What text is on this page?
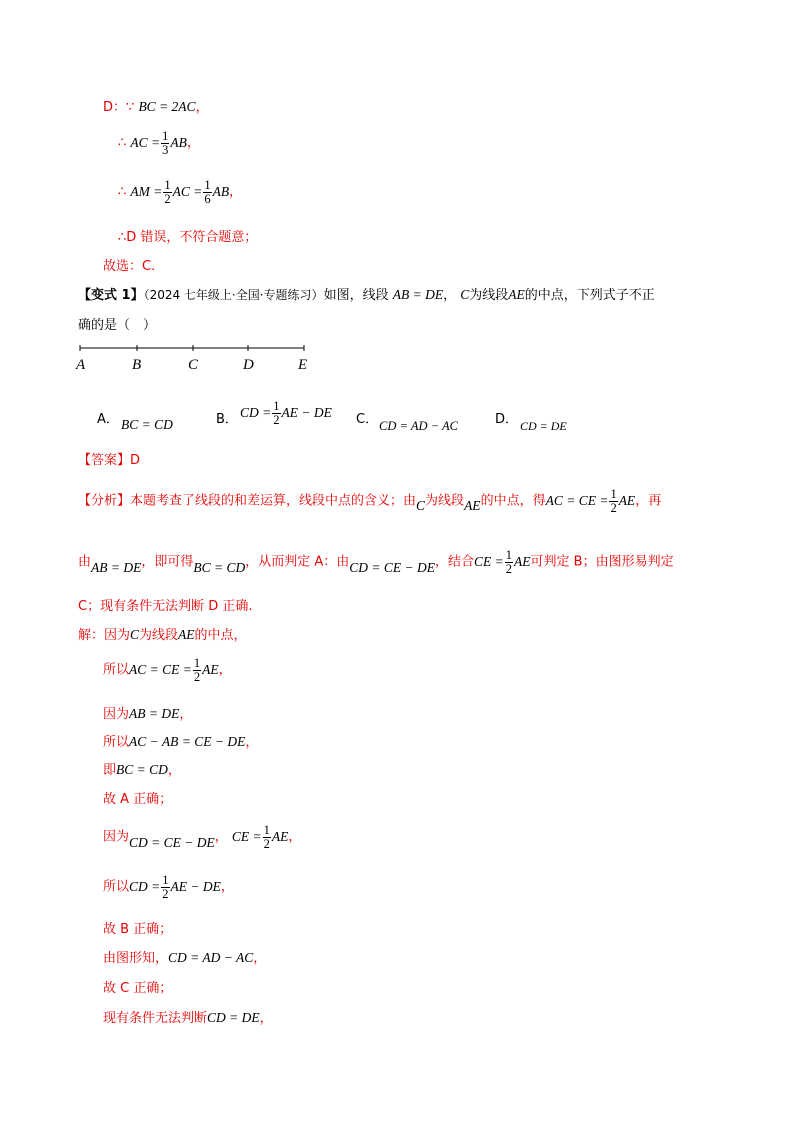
D：∵ BC = 2AC，
∴ AC = $\frac{1}{3}$ AB，
∴ AM = $\frac{1}{2}$ AC = $\frac{1}{6}$ AB，
∴D 错误，不符合题意；
故选：C.
【变式 1】（2024 七年级上·全国·专题练习）如图，线段 AB = DE， C为线段AE的中点，下列式子不正
确的是（　）
A	B	C	D	E
A． BC = CD	B． CD = $\frac{1}{2}$ AE − DE C． CD = AD − AC	D． CD = DE
【答案】D
【分析】本题考查了线段的和差运算，线段中点的含义；由C为线段AE的中点，得AC = CE = $\frac{1}{2}$ AE，再
由AB = DE，即可得BC = CD，从而判定 A：由CD = CE − DE，结合CE = $\frac{1}{2}$ AE可判定 B；由图形易判定
C；现有条件无法判断 D 正确.
解：因为C为线段AE的中点，
所以AC = CE = $\frac{1}{2}$ AE，
因为AB = DE，
所以AC − AB = CE − DE，
即BC = CD，
故 A 正确；
因为CD = CE − DE， CE = $\frac{1}{2}$ AE，
所以CD = $\frac{1}{2}$ AE − DE，
故 B 正确；
由图形知，CD = AD − AC，
故 C 正确；
现有条件无法判断CD = DE，
